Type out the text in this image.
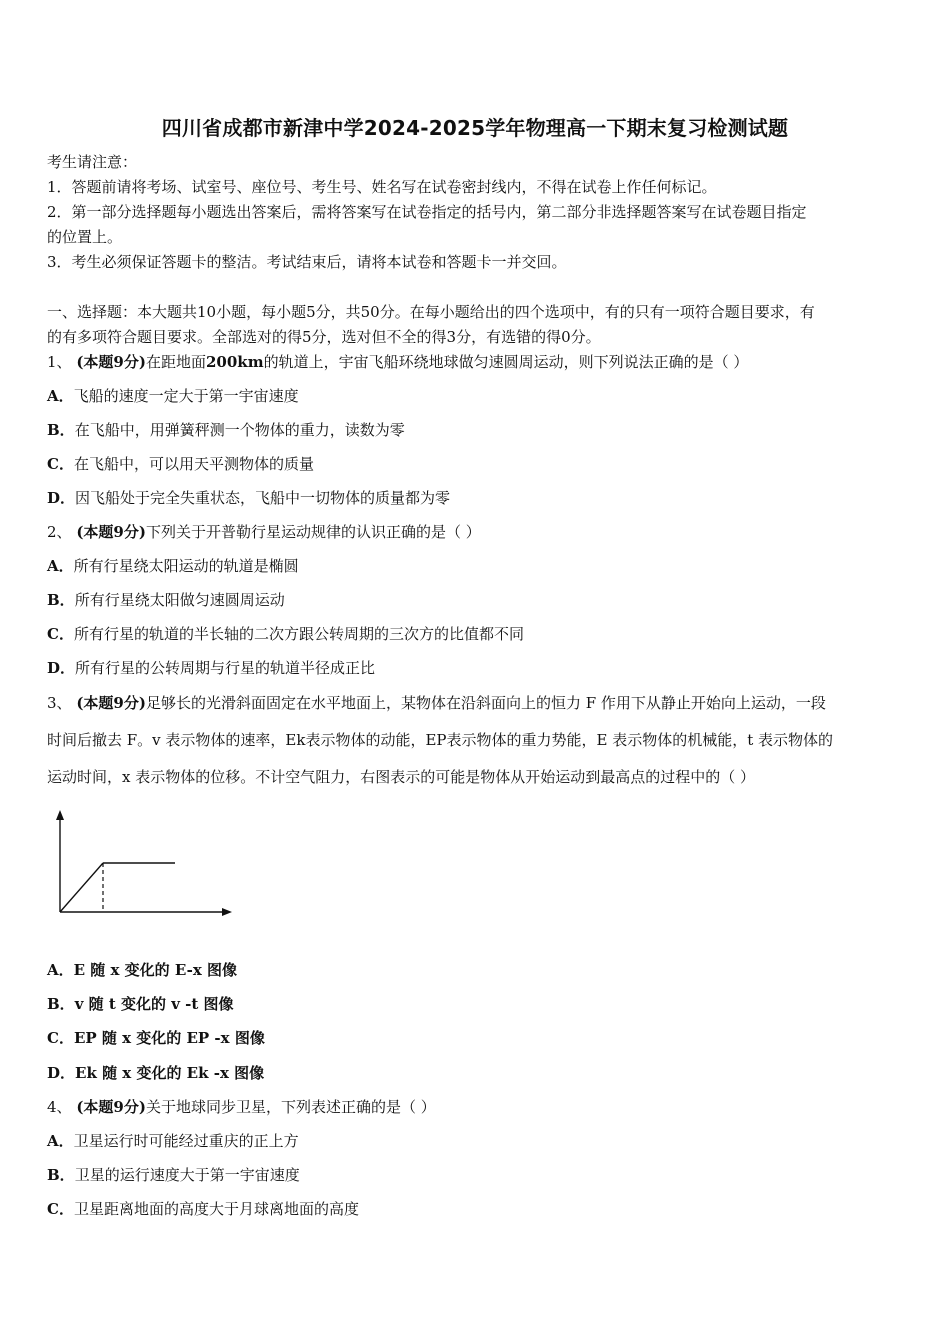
四川省成都市新津中学2024-2025学年物理高一下期末复习检测试题
考生请注意：
1．答题前请将考场、试室号、座位号、考生号、姓名写在试卷密封线内，不得在试卷上作任何标记。
2．第一部分选择题每小题选出答案后，需将答案写在试卷指定的括号内，第二部分非选择题答案写在试卷题目指定
的位置上。
3．考生必须保证答题卡的整洁。考试结束后，请将本试卷和答题卡一并交回。
一、选择题：本大题共10小题，每小题5分，共50分。在每小题给出的四个选项中，有的只有一项符合题目要求，有
的有多项符合题目要求。全部选对的得5分，选对但不全的得3分，有选错的得0分。
1、 (本题9分)在距地面200km的轨道上，宇宙飞船环绕地球做匀速圆周运动，则下列说法正确的是（ ）
A．飞船的速度一定大于第一宇宙速度
B．在飞船中，用弹簧秤测一个物体的重力，读数为零
C．在飞船中，可以用天平测物体的质量
D．因飞船处于完全失重状态，飞船中一切物体的质量都为零
2、 (本题9分)下列关于开普勒行星运动规律的认识正确的是（ ）
A．所有行星绕太阳运动的轨道是椭圆
B．所有行星绕太阳做匀速圆周运动
C．所有行星的轨道的半长轴的二次方跟公转周期的三次方的比值都不同
D．所有行星的公转周期与行星的轨道半径成正比
3、 (本题9分)足够长的光滑斜面固定在水平地面上，某物体在沿斜面向上的恒力 F 作用下从静止开始向上运动，一段
时间后撤去 F。v 表示物体的速率，Ek表示物体的动能，EP表示物体的重力势能，E 表示物体的机械能，t 表示物体的
运动时间，x 表示物体的位移。不计空气阻力，右图表示的可能是物体从开始运动到最高点的过程中的（ ）
A．E 随 x 变化的 E-x 图像
B．v 随 t 变化的 v -t 图像
C．EP 随 x 变化的 EP -x 图像
D．Ek 随 x 变化的 Ek -x 图像
4、 (本题9分)关于地球同步卫星，下列表述正确的是（ ）
A．卫星运行时可能经过重庆的正上方
B．卫星的运行速度大于第一宇宙速度
C．卫星距离地面的高度大于月球离地面的高度
